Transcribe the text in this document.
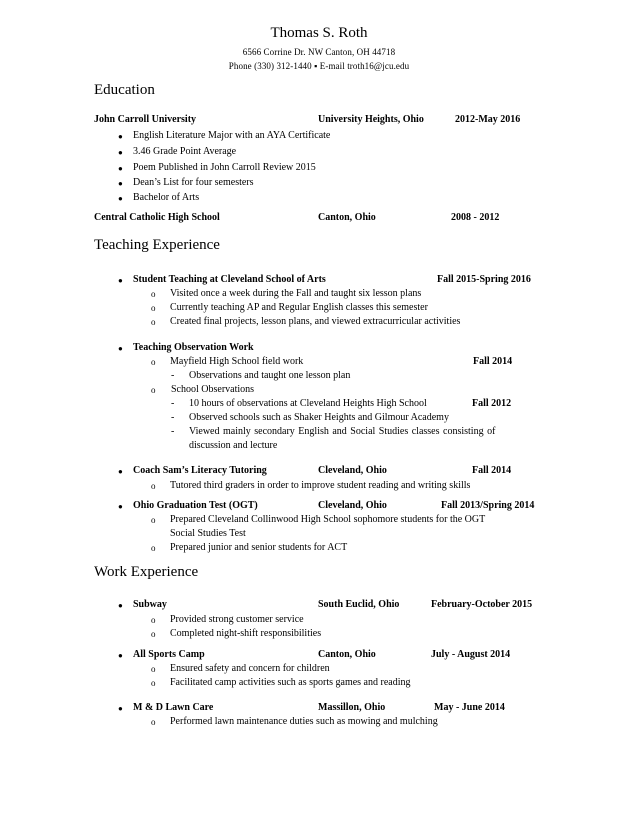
Thomas S. Roth
6566 Corrine Dr. NW Canton, OH 44718
Phone (330) 312-1440 ▪ E-mail troth16@jcu.edu
Education
John Carroll University	University Heights, Ohio	2012-May 2016
● English Literature Major with an AYA Certificate
● 3.46 Grade Point Average
● Poem Published in John Carroll Review 2015
● Dean’s List for four semesters
● Bachelor of Arts
Central Catholic High School	Canton, Ohio	2008 - 2012
Teaching Experience
● Student Teaching at Cleveland School of Arts	Fall 2015-Spring 2016
o Visited once a week during the Fall and taught six lesson plans
o Currently teaching AP and Regular English classes this semester
o Created final projects, lesson plans, and viewed extracurricular activities
● Teaching Observation Work
o Mayfield High School field work	Fall 2014
- Observations and taught one lesson plan
o School Observations
- 10 hours of observations at Cleveland Heights High School	Fall 2012
- Observed schools such as Shaker Heights and Gilmour Academy
- Viewed mainly secondary English and Social Studies classes consisting of
discussion and lecture
● Coach Sam’s Literacy Tutoring	Cleveland, Ohio	Fall 2014
o Tutored third graders in order to improve student reading and writing skills
● Ohio Graduation Test (OGT)	Cleveland, Ohio	Fall 2013/Spring 2014
o Prepared Cleveland Collinwood High School sophomore students for the OGT
Social Studies Test
o Prepared junior and senior students for ACT
Work Experience
● Subway	South Euclid, Ohio	February-October 2015
o Provided strong customer service
o Completed night-shift responsibilities
● All Sports Camp	Canton, Ohio	July - August 2014
o Ensured safety and concern for children
o Facilitated camp activities such as sports games and reading
● M & D Lawn Care	Massillon, Ohio	May - June 2014
o Performed lawn maintenance duties such as mowing and mulching
